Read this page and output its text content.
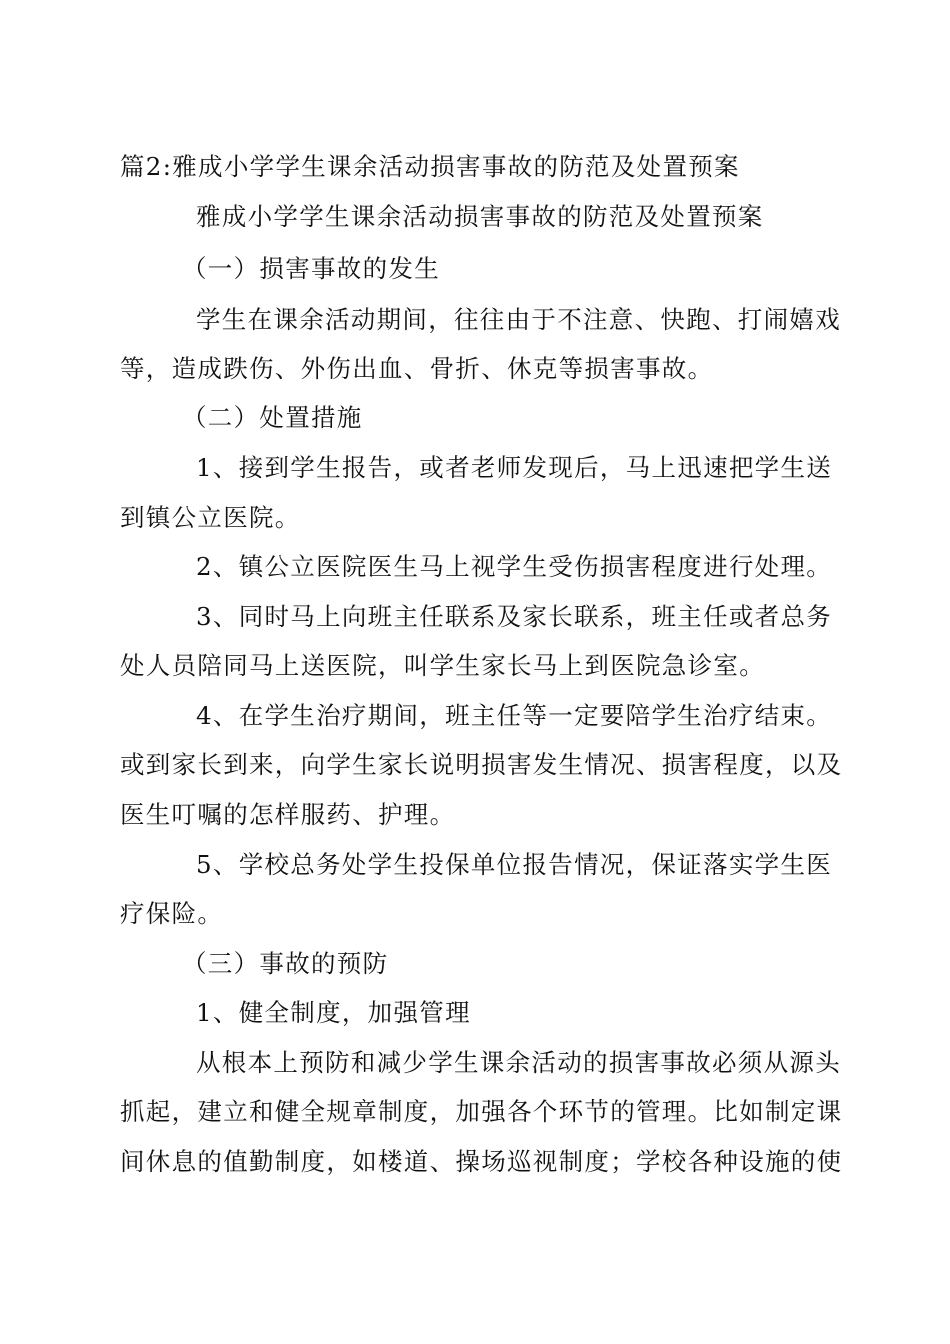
篇2:雅成小学学生课余活动损害事故的防范及处置预案
雅成小学学生课余活动损害事故的防范及处置预案
（一）损害事故的发生
学生在课余活动期间，往往由于不注意、快跑、打闹嬉戏
等，造成跌伤、外伤出血、骨折、休克等损害事故。
（二）处置措施
1、接到学生报告，或者老师发现后，马上迅速把学生送
到镇公立医院。
2、镇公立医院医生马上视学生受伤损害程度进行处理。
3、同时马上向班主任联系及家长联系，班主任或者总务
处人员陪同马上送医院，叫学生家长马上到医院急诊室。
4、在学生治疗期间，班主任等一定要陪学生治疗结束。
或到家长到来，向学生家长说明损害发生情况、损害程度，以及
医生叮嘱的怎样服药、护理。
5、学校总务处学生投保单位报告情况，保证落实学生医
疗保险。
（三）事故的预防
1、健全制度，加强管理
从根本上预防和减少学生课余活动的损害事故必须从源头
抓起，建立和健全规章制度，加强各个环节的管理。比如制定课
间休息的值勤制度，如楼道、操场巡视制度；学校各种设施的使
